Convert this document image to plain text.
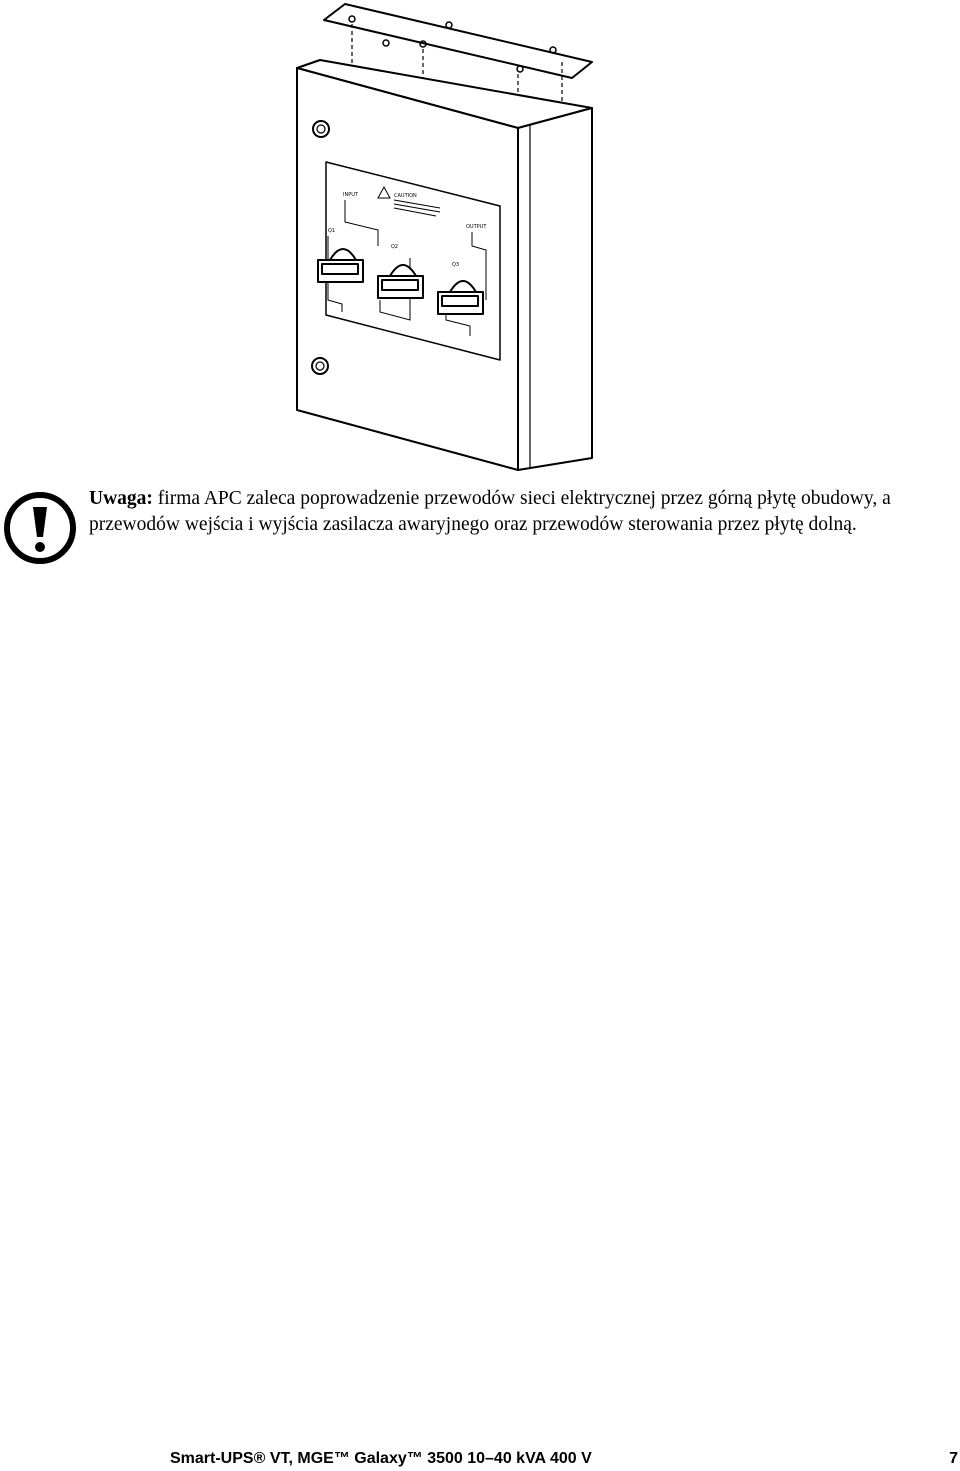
INPUT	CAUTION
OUTPUT
Q1
Q2
Q3
Uwaga: firma APC zaleca poprowadzenie przewodów sieci elektrycznej przez górną płytę obudowy, a przewodów wejścia i wyjścia zasilacza awaryjnego oraz przewodów sterowania przez płytę dolną.
Smart-UPS® VT, MGE™ Galaxy™ 3500 10–40 kVA 400 V	7
